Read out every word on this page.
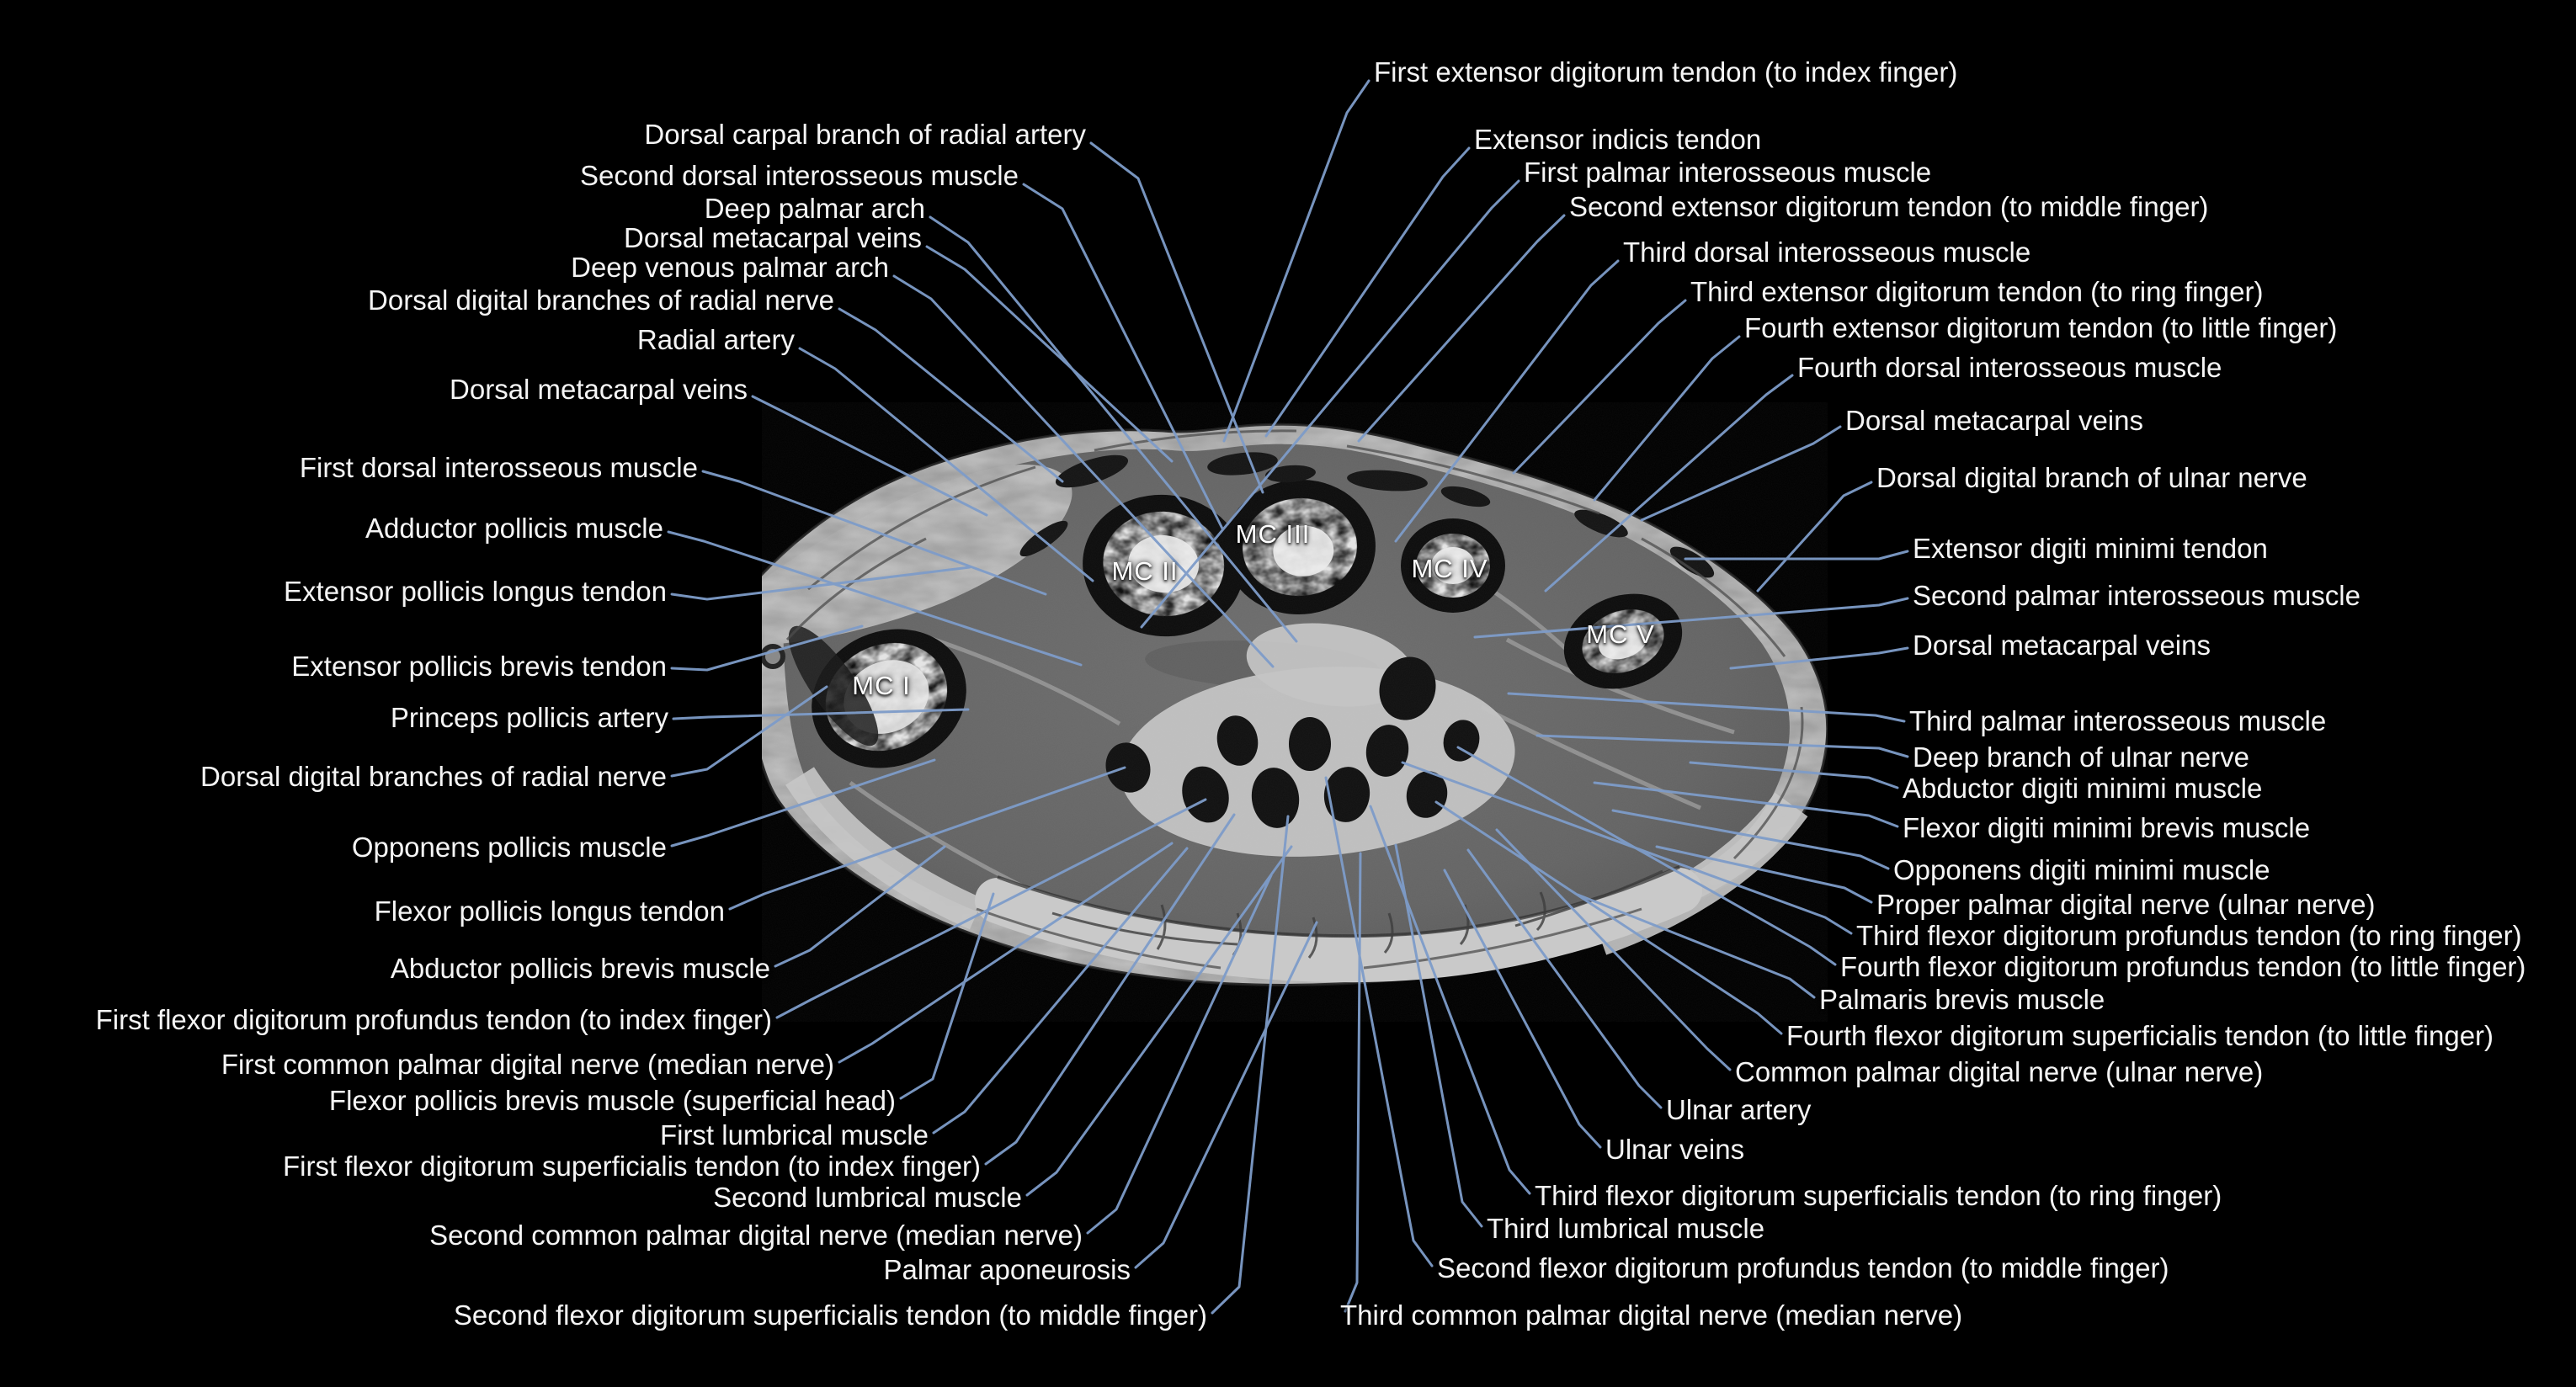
Dorsal carpal branch of radial artery
Second dorsal interosseous muscle
Deep palmar arch
Dorsal metacarpal veins
Deep venous palmar arch
Dorsal digital branches of radial nerve
Radial artery
Dorsal metacarpal veins
First dorsal interosseous muscle
Adductor pollicis muscle
Extensor pollicis longus tendon
Extensor pollicis brevis tendon
Princeps pollicis artery
Dorsal digital branches of radial nerve
Opponens pollicis muscle
Flexor pollicis longus tendon
Abductor pollicis brevis muscle
First flexor digitorum profundus tendon (to index finger)
First common palmar digital nerve (median nerve)
Flexor pollicis brevis muscle (superficial head)
First lumbrical muscle
First flexor digitorum superficialis tendon (to index finger)
Second lumbrical muscle
Second common palmar digital nerve (median nerve)
Palmar aponeurosis
Second flexor digitorum superficialis tendon (to middle finger)
First extensor digitorum tendon (to index finger)
Extensor indicis tendon
First palmar interosseous muscle
Second extensor digitorum tendon (to middle finger)
Third dorsal interosseous muscle
Third extensor digitorum tendon (to ring finger)
Fourth extensor digitorum tendon (to little finger)
Fourth dorsal interosseous muscle
Dorsal metacarpal veins
Dorsal digital branch of ulnar nerve
Extensor digiti minimi tendon
Second palmar interosseous muscle
Dorsal metacarpal veins
Third palmar interosseous muscle
Deep branch of ulnar nerve
Abductor digiti minimi muscle
Flexor digiti minimi brevis muscle
Opponens digiti minimi muscle
Proper palmar digital nerve (ulnar nerve)
Third flexor digitorum profundus tendon (to ring finger)
Fourth flexor digitorum profundus tendon (to little finger)
Palmaris brevis muscle
Fourth flexor digitorum superficialis tendon (to little finger)
Common palmar digital nerve (ulnar nerve)
Ulnar artery
Ulnar veins
Third flexor digitorum superficialis tendon (to ring finger)
Third lumbrical muscle
Second flexor digitorum profundus tendon (to middle finger)
Third common palmar digital nerve (median nerve)
MC I
MC II
MC III
MC IV
MC V
